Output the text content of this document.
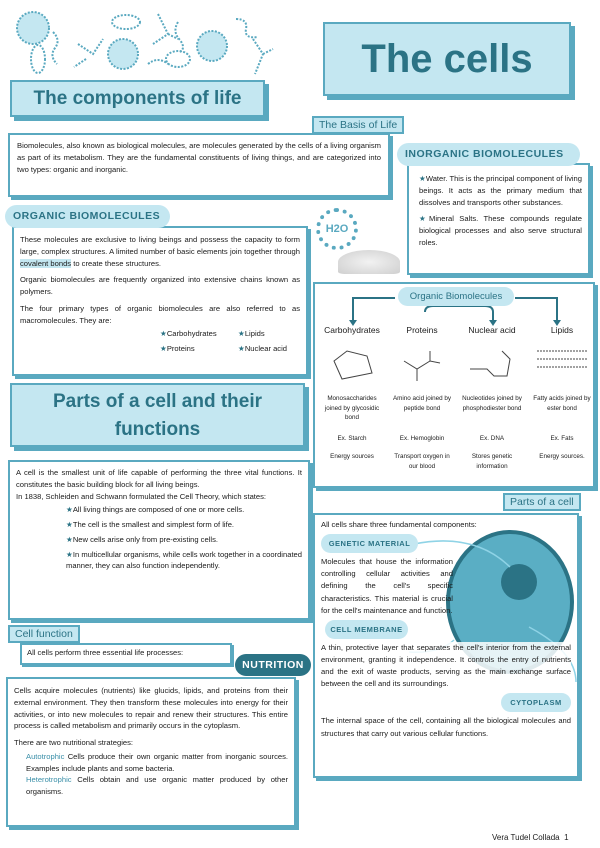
The cells
The components of life
The Basis of Life
Biomolecules, also known as biological molecules, are molecules generated by the cells of a living organism as part of its metabolism. They are the fundamental constituents of living things, and are categorized into two types: organic and inorganic.
ORGANIC BIOMOLECULES

These molecules are exclusive to living beings and possess the capacity to form large, complex structures. A limited number of basic elements join together through covalent bonds to create these structures.

Organic biomolecules are frequently organized into extensive chains known as polymers.

The four primary types of organic biomolecules are also referred to as macromolecules. They are:
★Carbohydrates	★Lipids
★Proteins	★Nuclear acid
INORGANIC BIOMOLECULES

★Water. This is the principal component of living beings. It acts as the primary medium that dissolves and transports other substances.

★Mineral Salts. These compounds regulate biological processes and also serve structural roles.

H2O
Organic Biomolecules
Carbohydrates
Monosaccharides joined by glycosidic bond
Ex. Starch
Energy sources
Proteins
Amino acid joined by peptide bond
Ex. Hemoglobin
Transport oxygen in our blood
Nuclear acid
Nucleotides joined by phosphodiester bond
Ex. DNA
Stores genetic information
Lipids
Fatty acids joined by ester bond
Ex. Fats
Energy sources.
Parts of a cell and their functions
A cell is the smallest unit of life capable of performing the three vital functions. It constitutes the basic building block for all living beings.
In 1838, Schleiden and Schwann formulated the Cell Theory, which states:

★All living things are composed of one or more cells.

★The cell is the smallest and simplest form of life.

★New cells arise only from pre-existing cells.

★In multicellular organisms, while cells work together in a coordinated manner, they can also function independently.

Cell function
All cells perform three essential life processes:
NUTRITION

Cells acquire molecules (nutrients) like glucids, lipids, and proteins from their external environment. They then transform these molecules into energy for their activities, or into new molecules to repair and renew their structures. This entire process is called metabolism and primarily occurs in the cytoplasm.

There are two nutritional strategies:
Autotrophic Cells produce their own organic matter from inorganic sources. Examples include plants and some bacteria.
Heterotrophic Cells obtain and use organic matter produced by other organisms.
Parts of a cell
All cells share three fundamental components:
GENETIC MATERIAL
Molecules that house the information controlling cellular activities and defining the cell's specific characteristics. This material is crucial for the cell's maintenance and function.
CELL MEMBRANE
A thin, protective layer that separates the cell's interior from the external environment, granting it independence. It controls the entry of nutrients and the exit of waste products, serving as the main exchange surface between the cell and its surroundings.
CYTOPLASM
The internal space of the cell, containing all the biological molecules and structures that carry out various cellular functions.
Vera Tudel Collada 1
